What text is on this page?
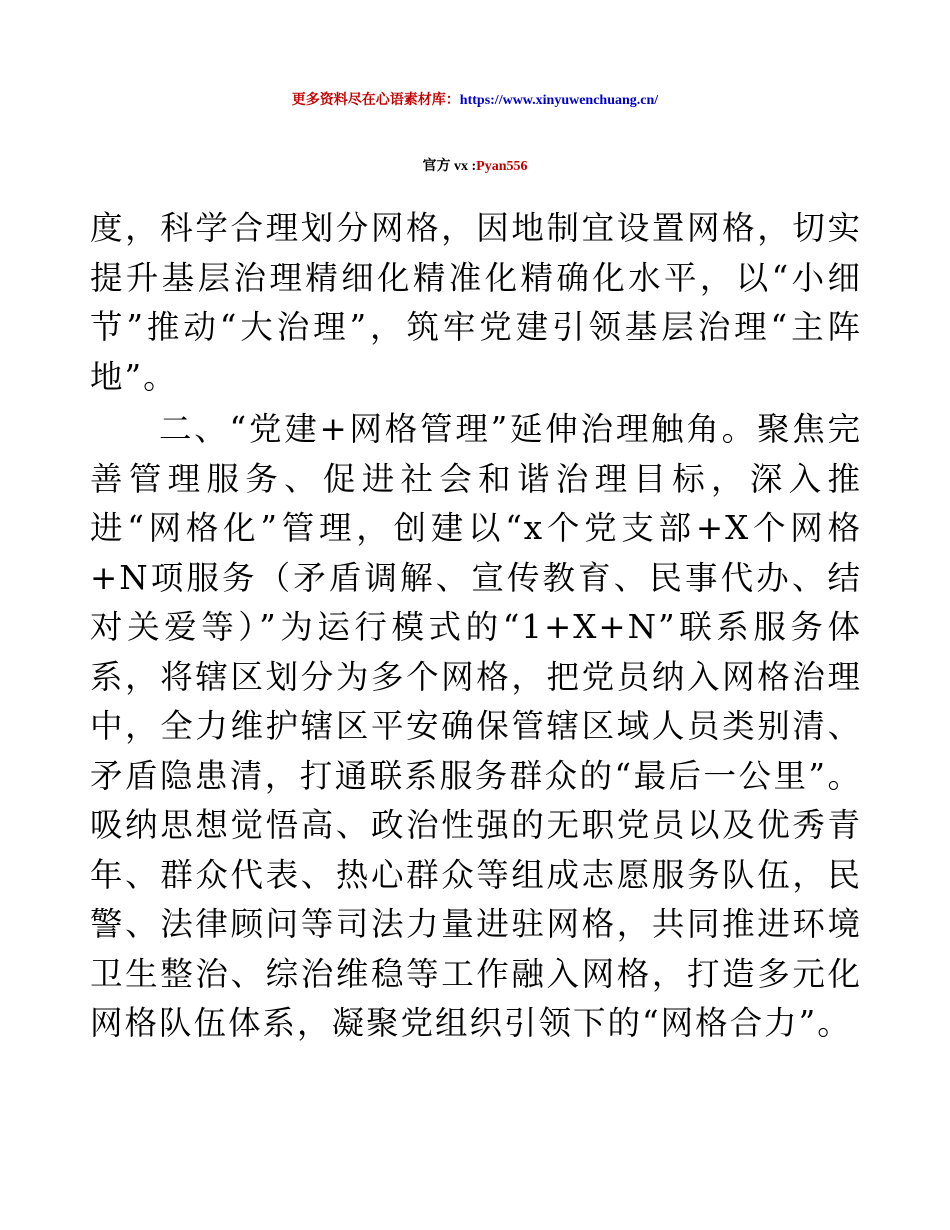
更多资料尽在心语素材库：https://www.xinyuwenchuang.cn/
官方 vx :Pyan556

度，科学合理划分网格，因地制宜设置网格，切实提升基层治理精细化精准化精确化水平，以“小细节”推动“大治理”，筑牢党建引领基层治理“主阵地”。

二、“党建+网格管理”延伸治理触角。聚焦完善管理服务、促进社会和谐治理目标，深入推进“网格化”管理，创建以“x个党支部+X个网格+N项服务（矛盾调解、宣传教育、民事代办、结对关爱等）”为运行模式的“1+X+N”联系服务体系，将辖区划分为多个网格，把党员纳入网格治理中，全力维护辖区平安确保管辖区域人员类别清、矛盾隐患清，打通联系服务群众的“最后一公里”。吸纳思想觉悟高、政治性强的无职党员以及优秀青年、群众代表、热心群众等组成志愿服务队伍，民警、法律顾问等司法力量进驻网格，共同推进环境卫生整治、综治维稳等工作融入网格，打造多元化网格队伍体系，凝聚党组织引领下的“网格合力”。
